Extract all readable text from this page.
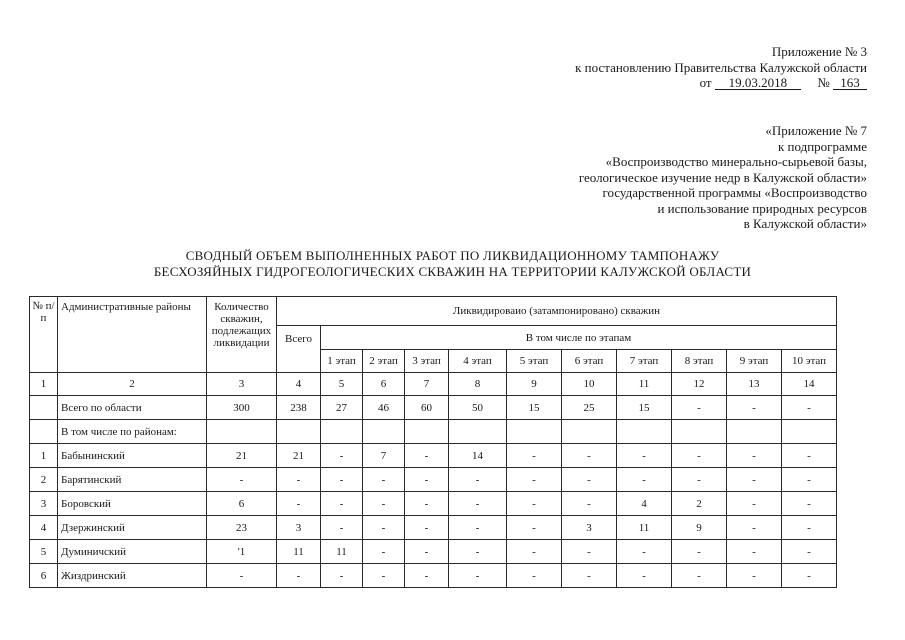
Приложение № 3
к постановлению Правительства Калужской области
от 19.03.2018 № 163
«Приложение № 7
к подпрограмме
«Воспроизводство минерально-сырьевой базы,
геологическое изучение недр в Калужской области»
государственной программы «Воспроизводство
и использование природных ресурсов
в Калужской области»
СВОДНЫЙ ОБЪЕМ ВЫПОЛНЕННЫХ РАБОТ ПО ЛИКВИДАЦИОННОМУ ТАМПОНАЖУ
БЕСХОЗЯЙНЫХ ГИДРОГЕОЛОГИЧЕСКИХ СКВАЖИН НА ТЕРРИТОРИИ КАЛУЖСКОЙ ОБЛАСТИ
№ п/п	Административные районы	Количество скважин, подлежащих ликвидации	Ликвидироваио (затампонировано) скважин										
			Всего	В том числе по этапам									
				1 этап	2 этап	3 этап	4 этап	5 этап	6 этап	7 этап	8 этап	9 этап	10 этап
1	2	3	4	5	6	7	8	9	10	11	12	13	14
	Всего по области	300	238	27	46	60	50	15	25	15	-	-	-
	В том числе по районам:												
1	Бабынинский	21	21	-	7	-	14	-	-	-	-	-	-
2	Барятинский	-	-	-	-	-	-	-	-	-	-	-	-
3	Боровский	6	-	-	-	-	-	-	-	4	2	-	-
4	Дзержинский	23	3	-	-	-	-	-	3	11	9	-	-
5	Думиничский	'1	11	11	-	-	-	-	-	-	-	-	-
6	Жиздринский	-	-	-	-	-	-	-	-	-	-	-	-
